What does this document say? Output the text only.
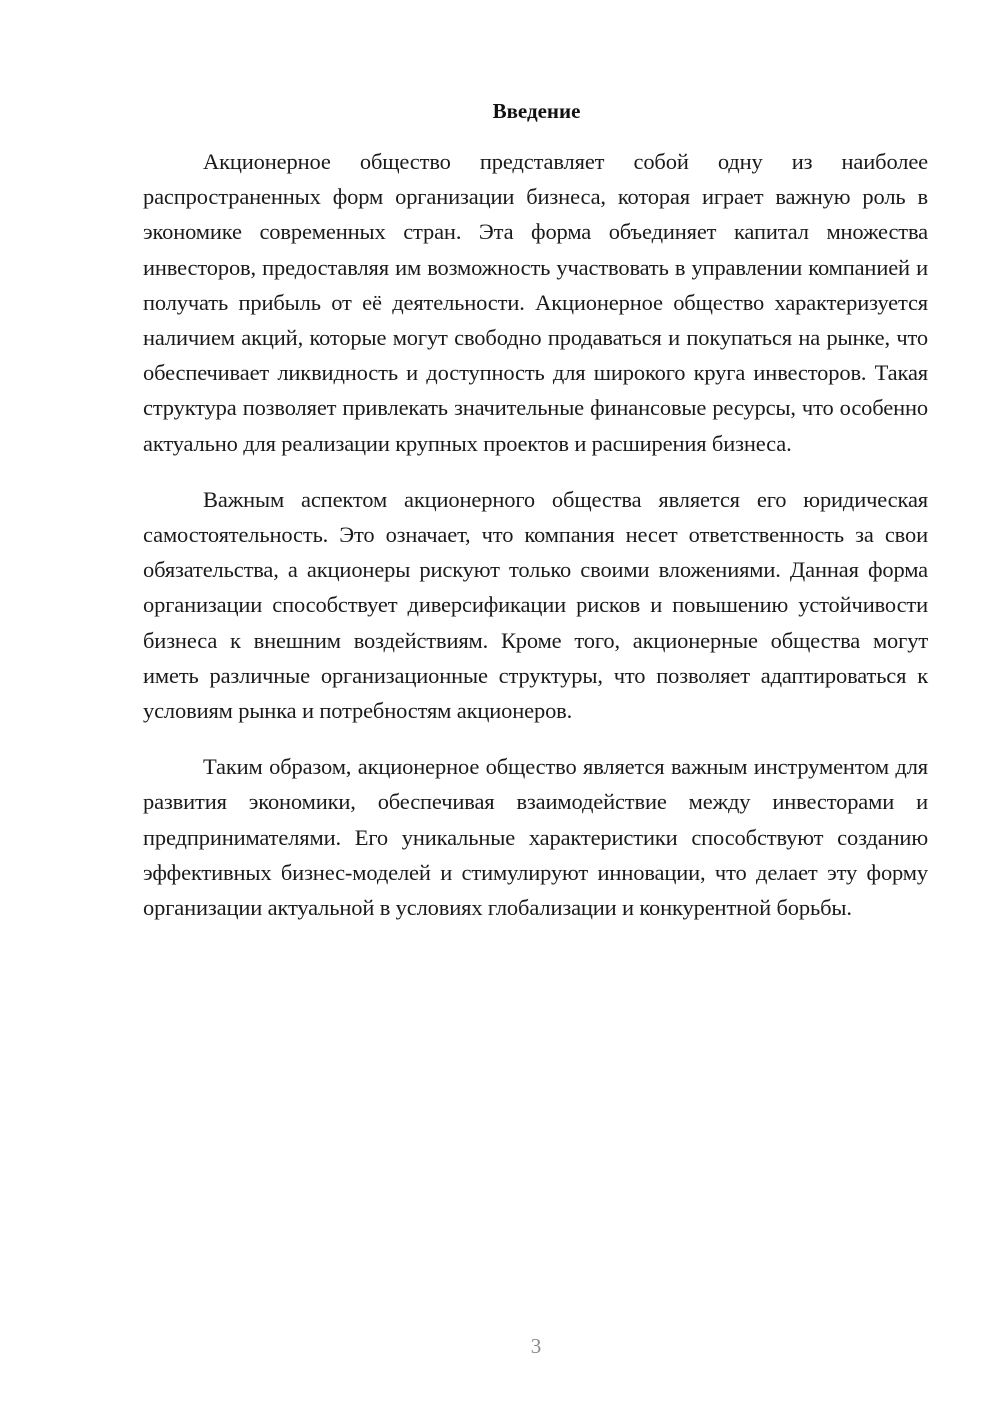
Введение

Акционерное общество представляет собой одну из наиболее распространенных форм организации бизнеса, которая играет важную роль в экономике современных стран. Эта форма объединяет капитал множества инвесторов, предоставляя им возможность участвовать в управлении компанией и получать прибыль от её деятельности. Акционерное общество характеризуется наличием акций, которые могут свободно продаваться и покупаться на рынке, что обеспечивает ликвидность и доступность для широкого круга инвесторов. Такая структура позволяет привлекать значительные финансовые ресурсы, что особенно актуально для реализации крупных проектов и расширения бизнеса.

Важным аспектом акционерного общества является его юридическая самостоятельность. Это означает, что компания несет ответственность за свои обязательства, а акционеры рискуют только своими вложениями. Данная форма организации способствует диверсификации рисков и повышению устойчивости бизнеса к внешним воздействиям. Кроме того, акционерные общества могут иметь различные организационные структуры, что позволяет адаптироваться к условиям рынка и потребностям акционеров.

Таким образом, акционерное общество является важным инструментом для развития экономики, обеспечивая взаимодействие между инвесторами и предпринимателями. Его уникальные характеристики способствуют созданию эффективных бизнес-моделей и стимулируют инновации, что делает эту форму организации актуальной в условиях глобализации и конкурентной борьбы.

3
